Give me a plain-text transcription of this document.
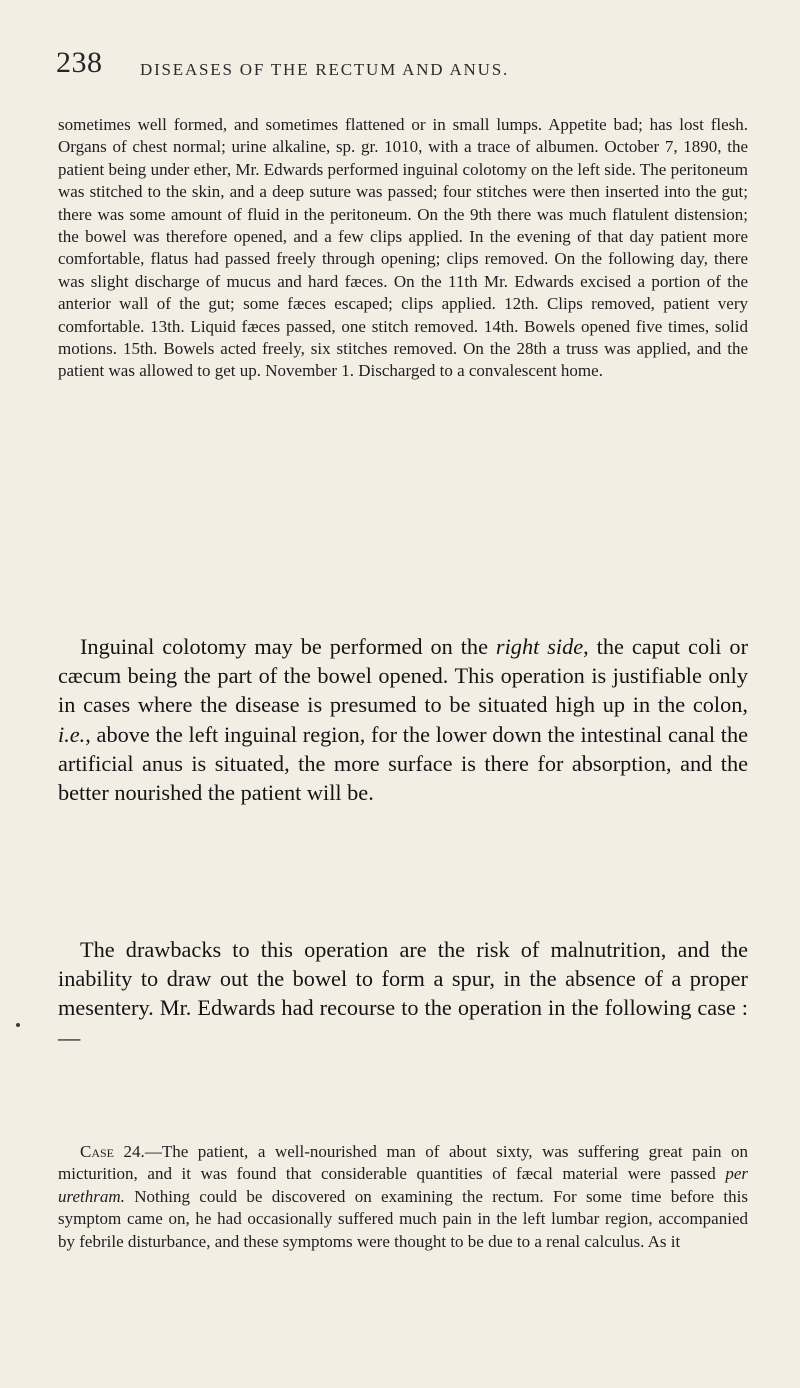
238 DISEASES OF THE RECTUM AND ANUS.

sometimes well formed, and sometimes flattened or in small lumps. Appetite bad; has lost flesh. Organs of chest normal; urine alkaline, sp. gr. 1010, with a trace of albumen. October 7, 1890, the patient being under ether, Mr. Edwards performed inguinal colotomy on the left side. The peritoneum was stitched to the skin, and a deep suture was passed; four stitches were then inserted into the gut; there was some amount of fluid in the peritoneum. On the 9th there was much flatulent distension; the bowel was therefore opened, and a few clips applied. In the evening of that day patient more comfortable, flatus had passed freely through opening; clips removed. On the following day, there was slight discharge of mucus and hard fæces. On the 11th Mr. Edwards excised a portion of the anterior wall of the gut; some fæces escaped; clips applied. 12th. Clips removed, patient very comfortable. 13th. Liquid fæces passed, one stitch removed. 14th. Bowels opened five times, solid motions. 15th. Bowels acted freely, six stitches removed. On the 28th a truss was applied, and the patient was allowed to get up. November 1. Discharged to a convalescent home.

Inguinal colotomy may be performed on the right side, the caput coli or cæcum being the part of the bowel opened. This operation is justifiable only in cases where the disease is presumed to be situated high up in the colon, i.e., above the left inguinal region, for the lower down the intestinal canal the artificial anus is situated, the more surface is there for absorption, and the better nourished the patient will be.

The drawbacks to this operation are the risk of malnutrition, and the inability to draw out the bowel to form a spur, in the absence of a proper mesentery. Mr. Edwards had recourse to the operation in the following case :—

Case 24.—The patient, a well-nourished man of about sixty, was suffering great pain on micturition, and it was found that considerable quantities of fæcal material were passed per urethram. Nothing could be discovered on examining the rectum. For some time before this symptom came on, he had occasionally suffered much pain in the left lumbar region, accompanied by febrile disturbance, and these symptoms were thought to be due to a renal calculus. As it
